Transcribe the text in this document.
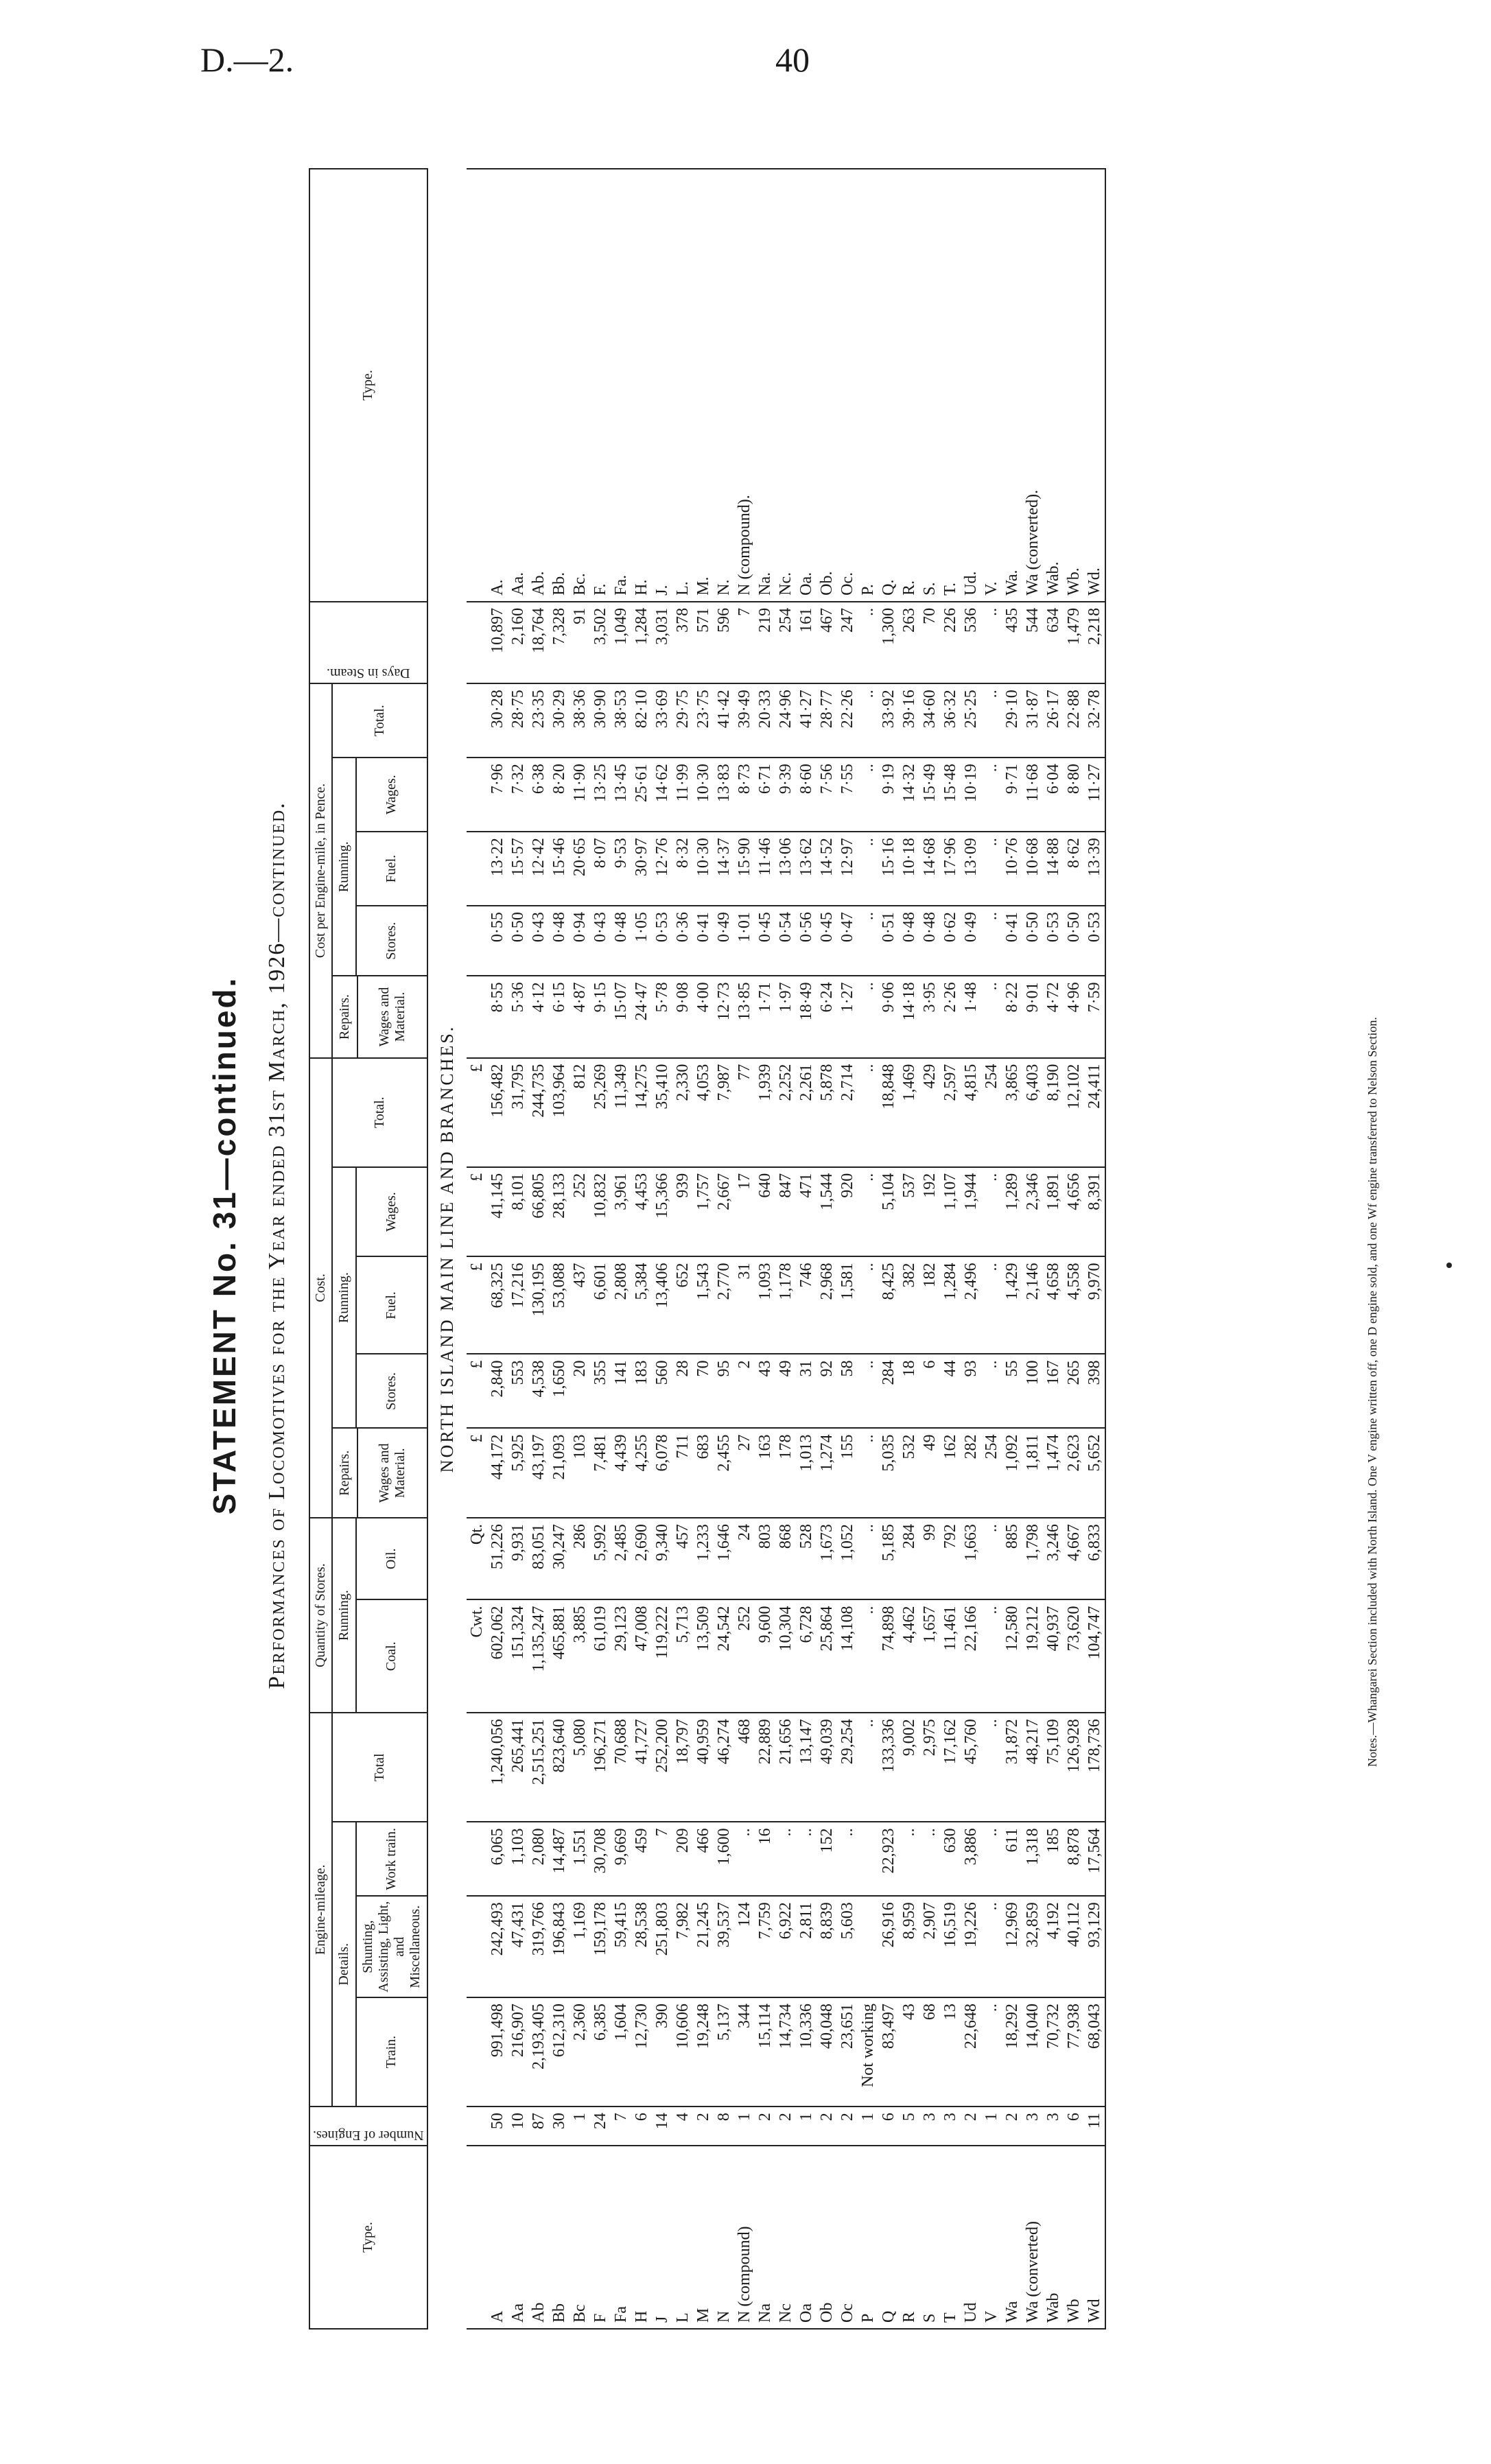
D.—2.	40
STATEMENT No. 31—continued. Performances of Locomotives for the Year ended 31st March, 1926—continued.
Type.	Number of Engines.	Engine-mileage.				Quantity of Stores.		Cost.					Cost per Engine-mile, in Pence.					Days in Steam.	Type.
		Details.			Total	Running.		Repairs.	Running.			Total.	Repairs.	Running.			Total.		
		Train.	Shunting, Assisting, Light, and Miscellaneous.	Work train.		Coal.	Oil.		Stores.	Fuel.	Wages.			Stores.	Fuel.	Wages.			
								Wages and Material.					Wages and Material.						
NORTH ISLAND MAIN LINE AND BRANCHES.																			
						Cwt.	Qt.	£	£	£	£	£							
A	50	991,498	242,493	6,065	1,240,056	602,062	51,226	44,172	2,840	68,325	41,145	156,482	8·55	0·55	13·22	7·96	30·28	10,897	A.
Aa	10	216,907	47,431	1,103	265,441	151,324	9,931	5,925	553	17,216	8,101	31,795	5·36	0·50	15·57	7·32	28·75	2,160	Aa.
Ab	87	2,193,405	319,766	2,080	2,515,251	1,135,247	83,051	43,197	4,538	130,195	66,805	244,735	4·12	0·43	12·42	6·38	23·35	18,764	Ab.
Bb	30	612,310	196,843	14,487	823,640	465,881	30,247	21,093	1,650	53,088	28,133	103,964	6·15	0·48	15·46	8·20	30·29	7,328	Bb.
Bc	1	2,360	1,169	1,551	5,080	3,885	286	103	20	437	252	812	4·87	0·94	20·65	11·90	38·36	91	Bc.
F	24	6,385	159,178	30,708	196,271	61,019	5,992	7,481	355	6,601	10,832	25,269	9·15	0·43	8·07	13·25	30·90	3,502	F.
Fa	7	1,604	59,415	9,669	70,688	29,123	2,485	4,439	141	2,808	3,961	11,349	15·07	0·48	9·53	13·45	38·53	1,049	Fa.
H	6	12,730	28,538	459	41,727	47,008	2,690	4,255	183	5,384	4,453	14,275	24·47	1·05	30·97	25·61	82·10	1,284	H.
J	14	390	251,803	7	252,200	119,222	9,340	6,078	560	13,406	15,366	35,410	5·78	0·53	12·76	14·62	33·69	3,031	J.
L	4	10,606	7,982	209	18,797	5,713	457	711	28	652	939	2,330	9·08	0·36	8·32	11·99	29·75	378	L.
M	2	19,248	21,245	466	40,959	13,509	1,233	683	70	1,543	1,757	4,053	4·00	0·41	10·30	10·30	23·75	571	M.
N	8	5,137	39,537	1,600	46,274	24,542	1,646	2,455	95	2,770	2,667	7,987	12·73	0·49	14·37	13·83	41·42	596	N.
N (compound)	1	344	124	..	468	252	24	27	2	31	17	77	13·85	1·01	15·90	8·73	39·49	7	N (compound).
Na	2	15,114	7,759	16	22,889	9,600	803	163	43	1,093	640	1,939	1·71	0·45	11·46	6·71	20·33	219	Na.
Nc	2	14,734	6,922	..	21,656	10,304	868	178	49	1,178	847	2,252	1·97	0·54	13·06	9·39	24·96	254	Nc.
Oa	1	10,336	2,811	..	13,147	6,728	528	1,013	31	746	471	2,261	18·49	0·56	13·62	8·60	41·27	161	Oa.
Ob	2	40,048	8,839	152	49,039	25,864	1,673	1,274	92	2,968	1,544	5,878	6·24	0·45	14·52	7·56	28·77	467	Ob.
Oc	2	23,651	5,603	..	29,254	14,108	1,052	155	58	1,581	920	2,714	1·27	0·47	12·97	7·55	22·26	247	Oc.
P	1	Not working			..	..	..	..	..	..	..	..	..	..	..	..	..	..	P.
Q	6	83,497	26,916	22,923	133,336	74,898	5,185	5,035	284	8,425	5,104	18,848	9·06	0·51	15·16	9·19	33·92	1,300	Q.
R	5	43	8,959	..	9,002	4,462	284	532	18	382	537	1,469	14·18	0·48	10·18	14·32	39·16	263	R.
S	3	68	2,907	..	2,975	1,657	99	49	6	182	192	429	3·95	0·48	14·68	15·49	34·60	70	S.
T	3	13	16,519	630	17,162	11,461	792	162	44	1,284	1,107	2,597	2·26	0·62	17·96	15·48	36·32	226	T.
Ud	2	22,648	19,226	3,886	45,760	22,166	1,663	282	93	2,496	1,944	4,815	1·48	0·49	13·09	10·19	25·25	536	Ud.
V	1	..	..	..	..	..	..	254	..	..	..	254	..	..	..	..	..	..	V.
Wa	2	18,292	12,969	611	31,872	12,580	885	1,092	55	1,429	1,289	3,865	8·22	0·41	10·76	9·71	29·10	435	Wa.
Wa (converted)	3	14,040	32,859	1,318	48,217	19,212	1,798	1,811	100	2,146	2,346	6,403	9·01	0·50	10·68	11·68	31·87	544	Wa (converted).
Wab	3	70,732	4,192	185	75,109	40,937	3,246	1,474	167	4,658	1,891	8,190	4·72	0·53	14·88	6·04	26·17	634	Wab.
Wb	6	77,938	40,112	8,878	126,928	73,620	4,667	2,623	265	4,558	4,656	12,102	4·96	0·50	8·62	8·80	22·88	1,479	Wb.
Wd	11	68,043	93,129	17,564	178,736	104,747	6,833	5,652	398	9,970	8,391	24,411	7·59	0·53	13·39	11·27	32·78	2,218	Wd.
Notes.—Whangarei Section included with North Island. One V engine written off, one D engine sold, and one Wf engine transferred to Nelson Section.
